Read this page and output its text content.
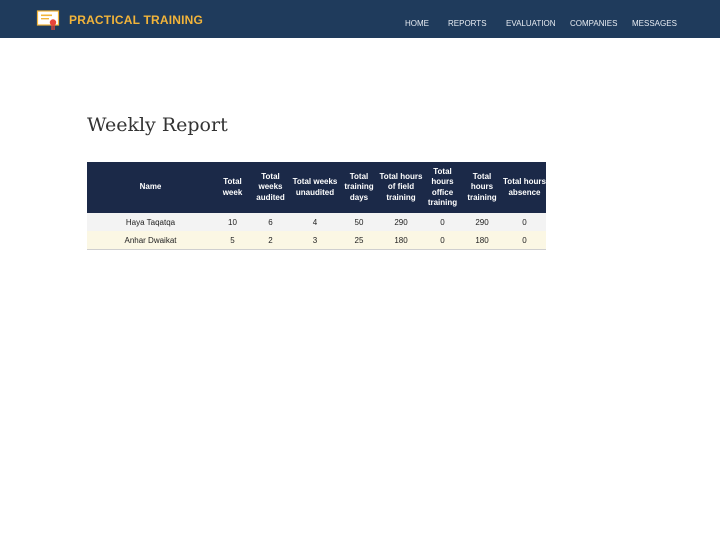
PRACTICAL TRAINING	HOME REPORTS EVALUATION COMPANIES MESSAGES
Weekly Report
Name	Total week	Total weeks audited	Total weeks unaudited	Total training days	Total hours of field training	Total hours office training	Total hours training	Total hours absence
Haya Taqatqa	10	6	4	50	290	0	290	0
Anhar Dwaikat	5	2	3	25	180	0	180	0
